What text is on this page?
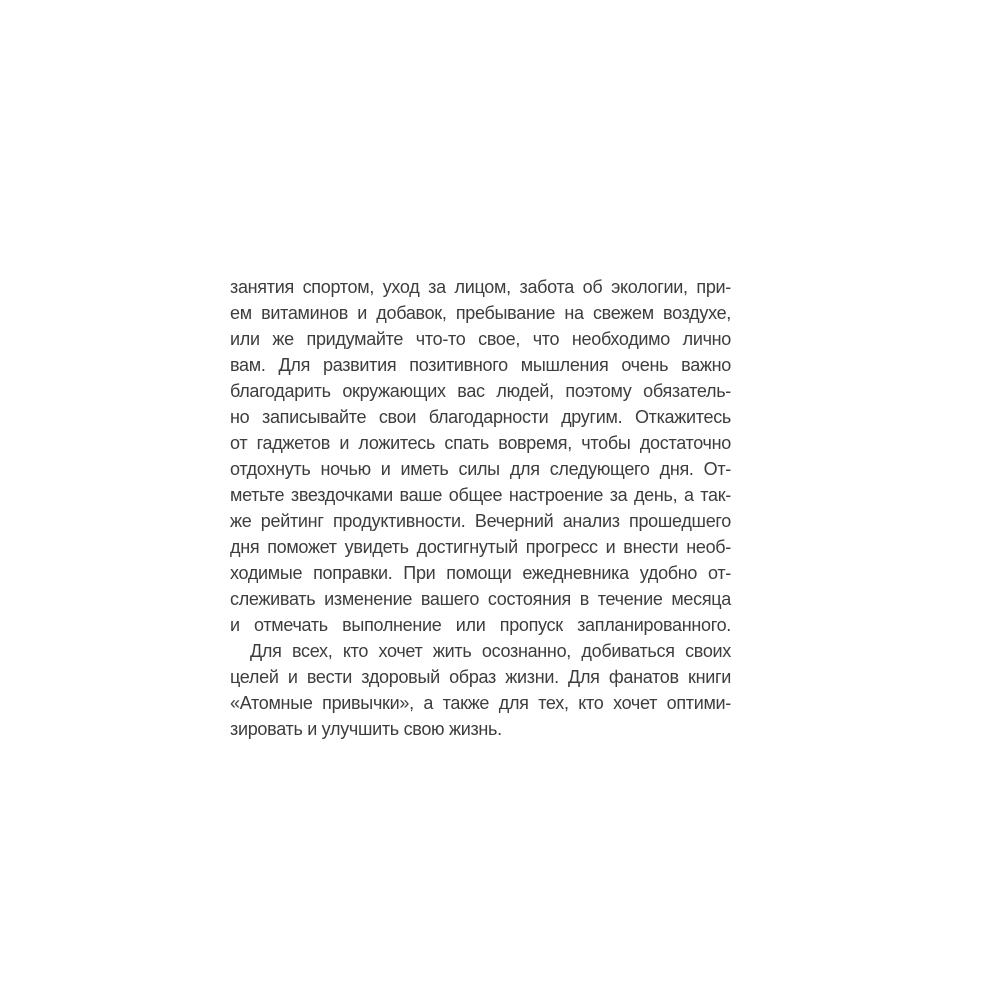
занятия спортом, уход за лицом, забота об экологии, при-
ем витаминов и добавок, пребывание на свежем воздухе,
или же придумайте что-то свое, что необходимо лично
вам. Для развития позитивного мышления очень важно
благодарить окружающих вас людей, поэтому обязатель-
но записывайте свои благодарности другим. Откажитесь
от гаджетов и ложитесь спать вовремя, чтобы достаточно
отдохнуть ночью и иметь силы для следующего дня. От-
метьте звездочками ваше общее настроение за день, а так-
же рейтинг продуктивности. Вечерний анализ прошедшего
дня поможет увидеть достигнутый прогресс и внести необ-
ходимые поправки. При помощи ежедневника удобно от-
слеживать изменение вашего состояния в течение месяца
и отмечать выполнение или пропуск запланированного.
Для всех, кто хочет жить осознанно, добиваться своих
целей и вести здоровый образ жизни. Для фанатов книги
«Атомные привычки», а также для тех, кто хочет оптими-
зировать и улучшить свою жизнь.
